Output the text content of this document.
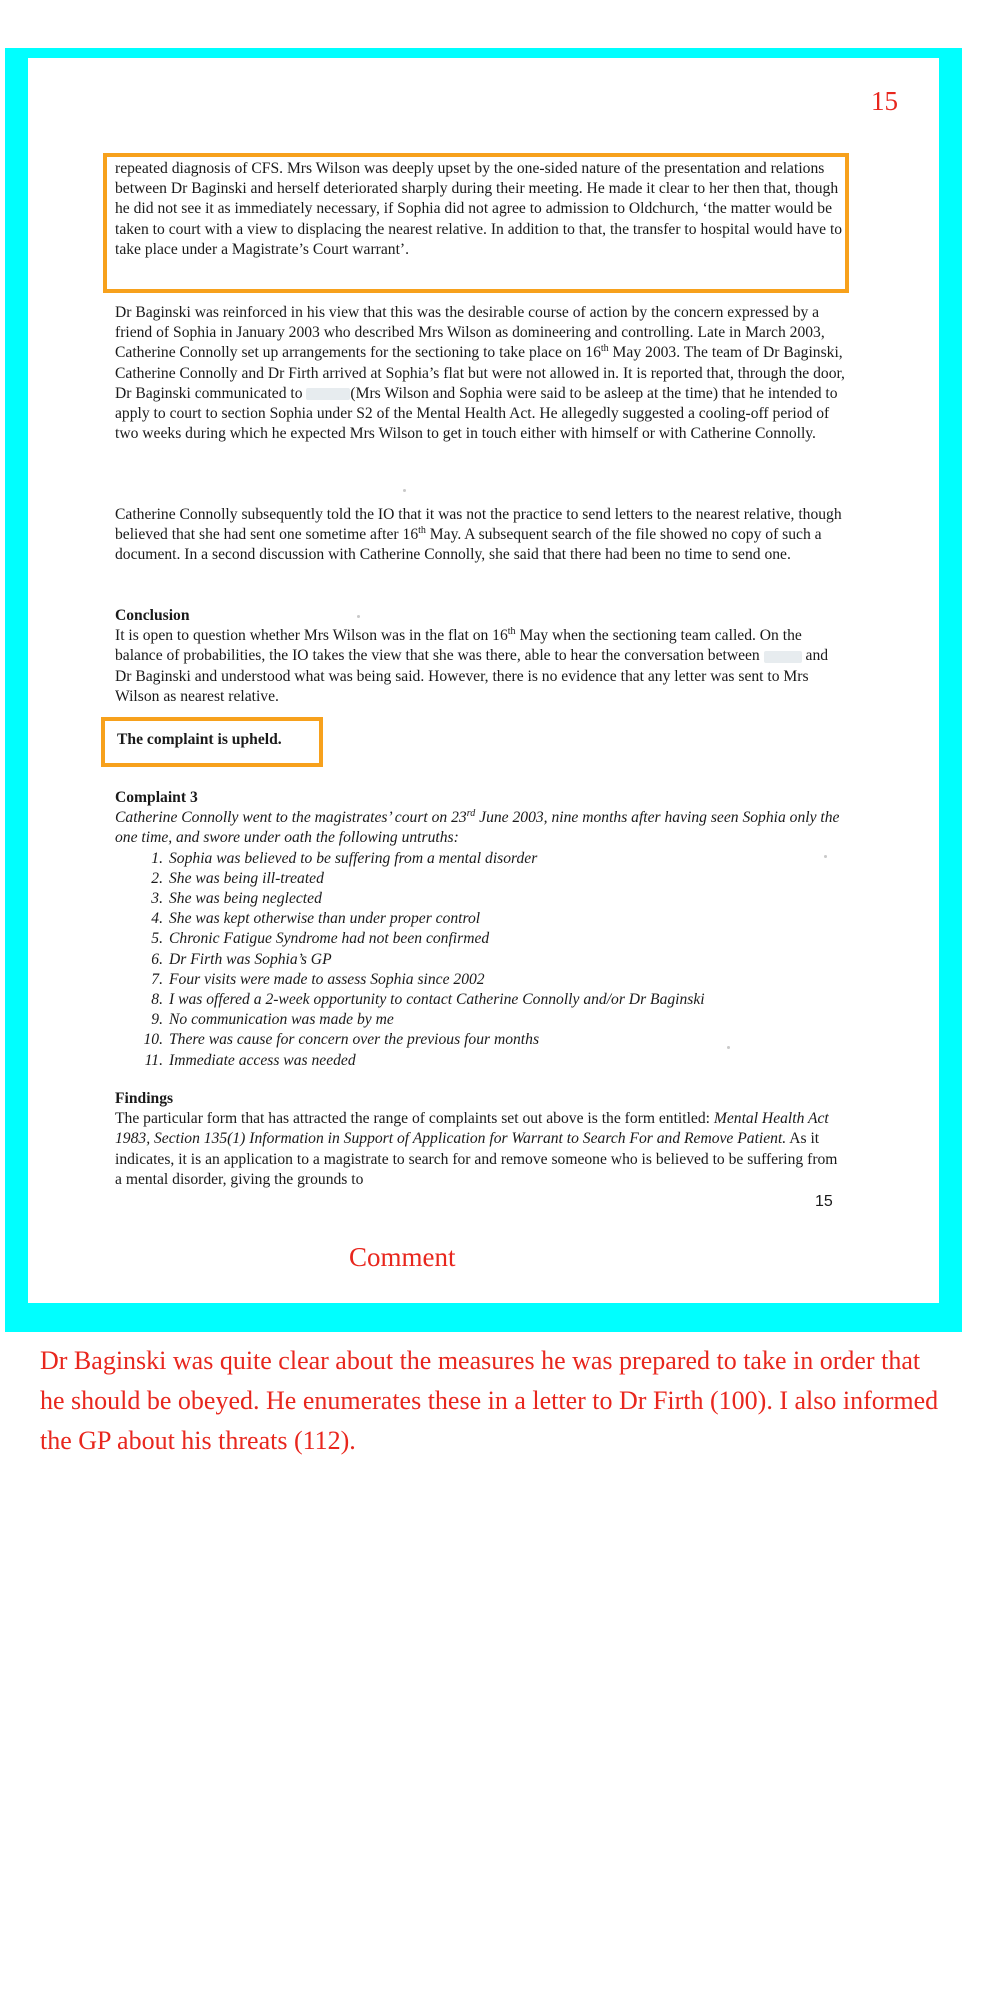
15

repeated diagnosis of CFS. Mrs Wilson was deeply upset by the one-sided nature of the presentation and relations between Dr Baginski and herself deteriorated sharply during their meeting. He made it clear to her then that, though he did not see it as immediately necessary, if Sophia did not agree to admission to Oldchurch, ‘the matter would be taken to court with a view to displacing the nearest relative. In addition to that, the transfer to hospital would have to take place under a Magistrate’s Court warrant’.

Dr Baginski was reinforced in his view that this was the desirable course of action by the concern expressed by a friend of Sophia in January 2003 who described Mrs Wilson as domineering and controlling. Late in March 2003, Catherine Connolly set up arrangements for the sectioning to take place on 16th May 2003. The team of Dr Baginski, Catherine Connolly and Dr Firth arrived at Sophia’s flat but were not allowed in. It is reported that, through the door, Dr Baginski communicated to	(Mrs Wilson and Sophia were said to be asleep at the time) that he intended to apply to court to section Sophia under S2 of the Mental Health Act. He allegedly suggested a cooling-off period of two weeks during which he expected Mrs Wilson to get in touch either with himself or with Catherine Connolly.

Catherine Connolly subsequently told the IO that it was not the practice to send letters to the nearest relative, though believed that she had sent one sometime after 16th May. A subsequent search of the file showed no copy of such a document. In a second discussion with Catherine Connolly, she said that there had been no time to send one.

Conclusion

It is open to question whether Mrs Wilson was in the flat on 16th May when the sectioning team called. On the balance of probabilities, the IO takes the view that she was there, able to hear the conversation between  and Dr Baginski and understood what was being said. However, there is no evidence that any letter was sent to Mrs Wilson as nearest relative.

The complaint is upheld.

Complaint 3

Catherine Connolly went to the magistrates’ court on 23rd June 2003, nine months after having seen Sophia only the one time, and swore under oath the following untruths:

1. Sophia was believed to be suffering from a mental disorder
2. She was being ill-treated
3. She was being neglected
4. She was kept otherwise than under proper control
5. Chronic Fatigue Syndrome had not been confirmed
6. Dr Firth was Sophia’s GP
7. Four visits were made to assess Sophia since 2002
8. I was offered a 2-week opportunity to contact Catherine Connolly and/or Dr Baginski
9. No communication was made by me
10. There was cause for concern over the previous four months
11. Immediate access was needed

Findings

The particular form that has attracted the range of complaints set out above is the form entitled: Mental Health Act 1983, Section 135(1) Information in Support of Application for Warrant to Search For and Remove Patient. As it indicates, it is an application to a magistrate to search for and remove someone who is believed to be suffering from a mental disorder, giving the grounds to

15
Comment
Dr Baginski was quite clear about the measures he was prepared to take in order that he should be obeyed. He enumerates these in a letter to Dr Firth (100). I also informed the GP about his threats (112).
